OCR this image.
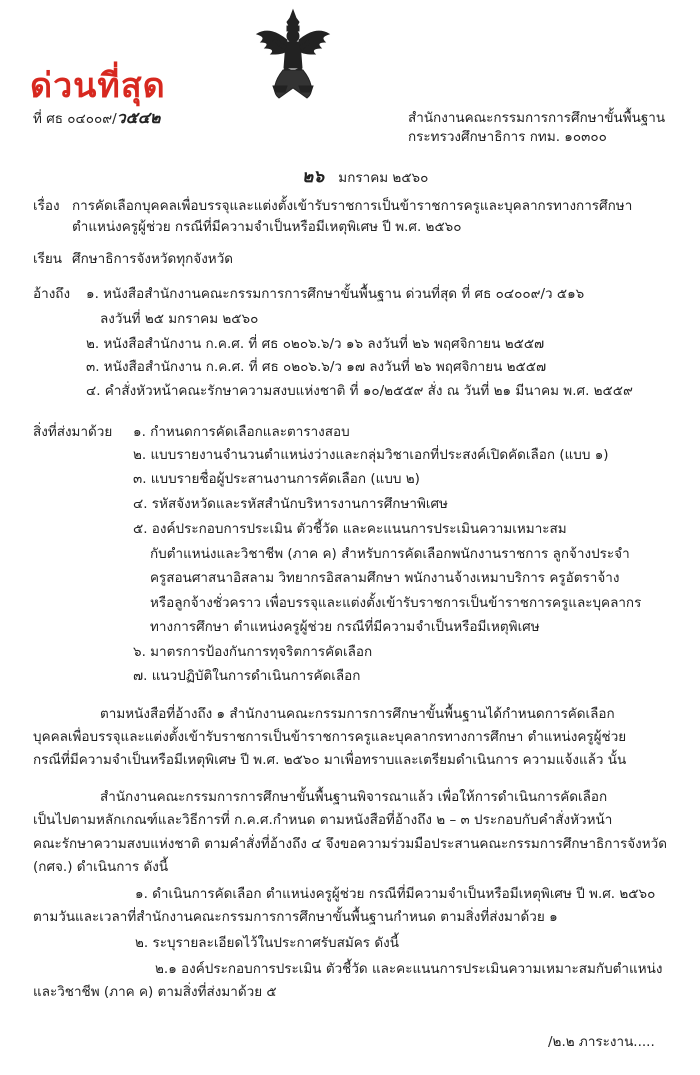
ด่วนที่สุด
ที่ ศธ ๐๔๐๐๙/ว๕๔๒	สำนักงานคณะกรรมการการศึกษาขั้นพื้นฐาน
กระทรวงศึกษาธิการ กทม. ๑๐๓๐๐
๒๖ มกราคม ๒๕๖๐
เรื่อง การคัดเลือกบุคคลเพื่อบรรจุและแต่งตั้งเข้ารับราชการเป็นข้าราชการครูและบุคลากรทางการศึกษา
ตำแหน่งครูผู้ช่วย กรณีที่มีความจำเป็นหรือมีเหตุพิเศษ ปี พ.ศ. ๒๕๖๐
เรียน ศึกษาธิการจังหวัดทุกจังหวัด
อ้างถึง ๑. หนังสือสำนักงานคณะกรรมการการศึกษาขั้นพื้นฐาน ด่วนที่สุด ที่ ศธ ๐๔๐๐๙/ว ๕๑๖
ลงวันที่ ๒๕ มกราคม ๒๕๖๐
๒. หนังสือสำนักงาน ก.ค.ศ. ที่ ศธ ๐๒๐๖.๖/ว ๑๖ ลงวันที่ ๒๖ พฤศจิกายน ๒๕๕๗
๓. หนังสือสำนักงาน ก.ค.ศ. ที่ ศธ ๐๒๐๖.๖/ว ๑๗ ลงวันที่ ๒๖ พฤศจิกายน ๒๕๕๗
๔. คำสั่งหัวหน้าคณะรักษาความสงบแห่งชาติ ที่ ๑๐/๒๕๕๙ สั่ง ณ วันที่ ๒๑ มีนาคม พ.ศ. ๒๕๕๙
สิ่งที่ส่งมาด้วย ๑. กำหนดการคัดเลือกและตารางสอบ
๒. แบบรายงานจำนวนตำแหน่งว่างและกลุ่มวิชาเอกที่ประสงค์เปิดคัดเลือก (แบบ ๑)
๓. แบบรายชื่อผู้ประสานงานการคัดเลือก (แบบ ๒)
๔. รหัสจังหวัดและรหัสสำนักบริหารงานการศึกษาพิเศษ
๕. องค์ประกอบการประเมิน ตัวชี้วัด และคะแนนการประเมินความเหมาะสม
กับตำแหน่งและวิชาชีพ (ภาค ค) สำหรับการคัดเลือกพนักงานราชการ ลูกจ้างประจำ
ครูสอนศาสนาอิสลาม วิทยากรอิสลามศึกษา พนักงานจ้างเหมาบริการ ครูอัตราจ้าง
หรือลูกจ้างชั่วคราว เพื่อบรรจุและแต่งตั้งเข้ารับราชการเป็นข้าราชการครูและบุคลากร
ทางการศึกษา ตำแหน่งครูผู้ช่วย กรณีที่มีความจำเป็นหรือมีเหตุพิเศษ
๖. มาตรการป้องกันการทุจริตการคัดเลือก
๗. แนวปฏิบัติในการดำเนินการคัดเลือก
ตามหนังสือที่อ้างถึง ๑ สำนักงานคณะกรรมการการศึกษาขั้นพื้นฐานได้กำหนดการคัดเลือก
บุคคลเพื่อบรรจุและแต่งตั้งเข้ารับราชการเป็นข้าราชการครูและบุคลากรทางการศึกษา ตำแหน่งครูผู้ช่วย
กรณีที่มีความจำเป็นหรือมีเหตุพิเศษ ปี พ.ศ. ๒๕๖๐ มาเพื่อทราบและเตรียมดำเนินการ ความแจ้งแล้ว นั้น
สำนักงานคณะกรรมการการศึกษาขั้นพื้นฐานพิจารณาแล้ว เพื่อให้การดำเนินการคัดเลือก
เป็นไปตามหลักเกณฑ์และวิธีการที่ ก.ค.ศ.กำหนด ตามหนังสือที่อ้างถึง ๒ – ๓ ประกอบกับคำสั่งหัวหน้า
คณะรักษาความสงบแห่งชาติ ตามคำสั่งที่อ้างถึง ๔ จึงขอความร่วมมือประสานคณะกรรมการศึกษาธิการจังหวัด
(กศจ.) ดำเนินการ ดังนี้
๑. ดำเนินการคัดเลือก ตำแหน่งครูผู้ช่วย กรณีที่มีความจำเป็นหรือมีเหตุพิเศษ ปี พ.ศ. ๒๕๖๐
ตามวันและเวลาที่สำนักงานคณะกรรมการการศึกษาขั้นพื้นฐานกำหนด ตามสิ่งที่ส่งมาด้วย ๑
๒. ระบุรายละเอียดไว้ในประกาศรับสมัคร ดังนี้
๒.๑ องค์ประกอบการประเมิน ตัวชี้วัด และคะแนนการประเมินความเหมาะสมกับตำแหน่ง
และวิชาชีพ (ภาค ค) ตามสิ่งที่ส่งมาด้วย ๕
/๒.๒ ภาระงาน.....
